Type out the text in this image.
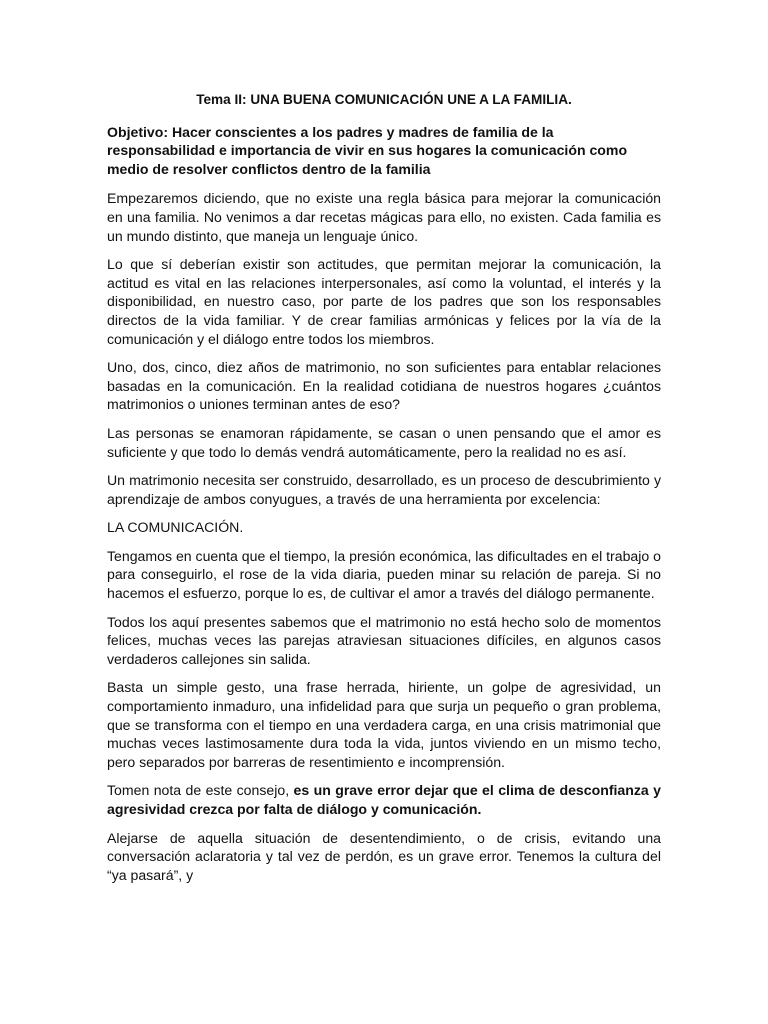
Tema II: UNA BUENA COMUNICACIÓN UNE A LA FAMILIA.

Objetivo: Hacer conscientes a los padres y madres de familia de la responsabilidad e importancia de vivir en sus hogares la comunicación como medio de resolver conflictos dentro de la familia

Empezaremos diciendo, que no existe una regla básica para mejorar la comunicación en una familia. No venimos a dar recetas mágicas para ello, no existen. Cada familia es un mundo distinto, que maneja un lenguaje único.

Lo que sí deberían existir son actitudes, que permitan mejorar la comunicación, la actitud es vital en las relaciones interpersonales, así como la voluntad, el interés y la disponibilidad, en nuestro caso, por parte de los padres que son los responsables directos de la vida familiar. Y de crear familias armónicas y felices por la vía de la comunicación y el diálogo entre todos los miembros.

Uno, dos, cinco, diez años de matrimonio, no son suficientes para entablar relaciones basadas en la comunicación. En la realidad cotidiana de nuestros hogares ¿cuántos matrimonios o uniones terminan antes de eso?

Las personas se enamoran rápidamente, se casan o unen pensando que el amor es suficiente y que todo lo demás vendrá automáticamente, pero la realidad no es así.

Un matrimonio necesita ser construido, desarrollado, es un proceso de descubrimiento y aprendizaje de ambos conyugues, a través de una herramienta por excelencia:

LA COMUNICACIÓN.

Tengamos en cuenta que el tiempo, la presión económica, las dificultades en el trabajo o para conseguirlo, el rose de la vida diaria, pueden minar su relación de pareja. Si no hacemos el esfuerzo, porque lo es, de cultivar el amor a través del diálogo permanente.

Todos los aquí presentes sabemos que el matrimonio no está hecho solo de momentos felices, muchas veces las parejas atraviesan situaciones difíciles, en algunos casos verdaderos callejones sin salida.

Basta un simple gesto, una frase herrada, hiriente, un golpe de agresividad, un comportamiento inmaduro, una infidelidad para que surja un pequeño o gran problema, que se transforma con el tiempo en una verdadera carga, en una crisis matrimonial que muchas veces lastimosamente dura toda la vida, juntos viviendo en un mismo techo, pero separados por barreras de resentimiento e incomprensión.

Tomen nota de este consejo, es un grave error dejar que el clima de desconfianza y agresividad crezca por falta de diálogo y comunicación.

Alejarse de aquella situación de desentendimiento, o de crisis, evitando una conversación aclaratoria y tal vez de perdón, es un grave error. Tenemos la cultura del “ya pasará”, y
